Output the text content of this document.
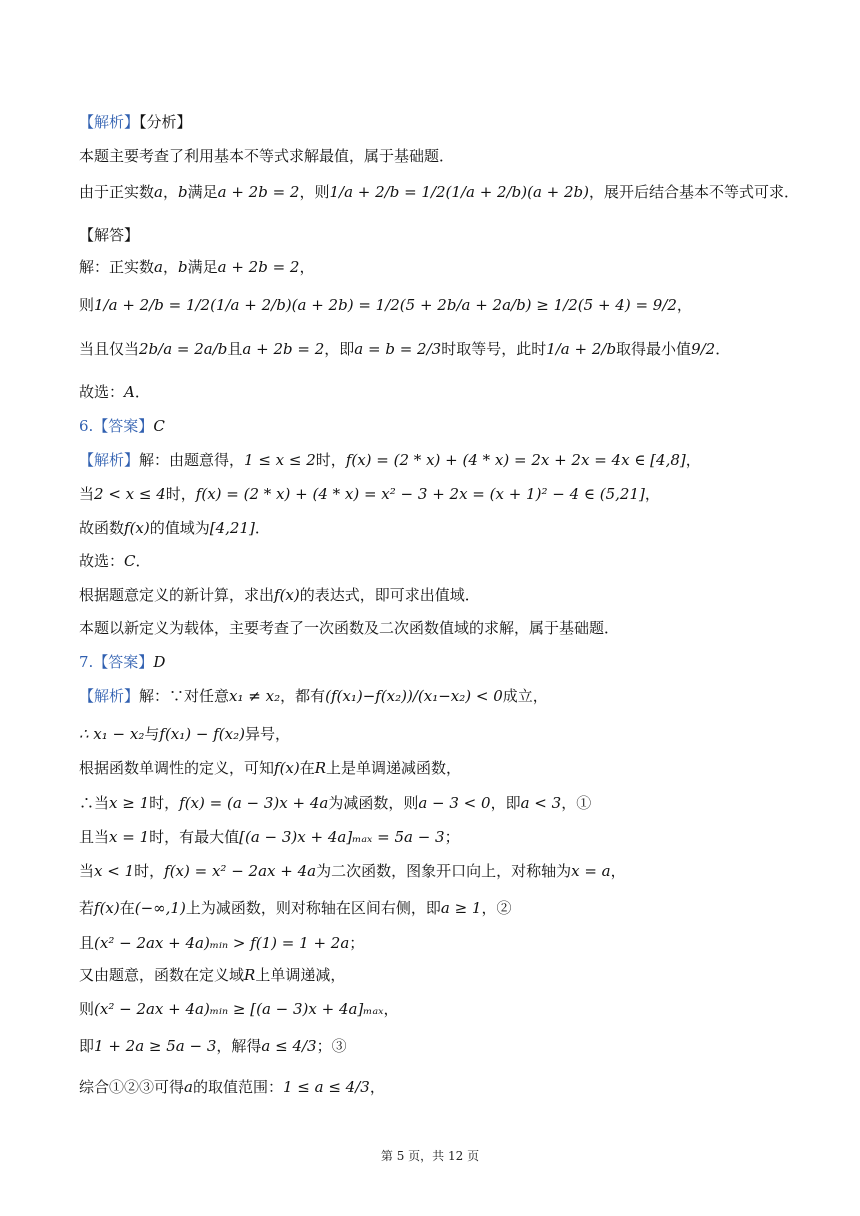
【解析】【分析】
本题主要考查了利用基本不等式求解最值，属于基础题．
由于正实数a，b满足a + 2b = 2，则1/a + 2/b = 1/2(1/a + 2/b)(a + 2b)，展开后结合基本不等式可求．
【解答】
解：正实数a，b满足a + 2b = 2，
则1/a + 2/b = 1/2(1/a + 2/b)(a + 2b) = 1/2(5 + 2b/a + 2a/b) ≥ 1/2(5 + 4) = 9/2，
当且仅当2b/a = 2a/b且a + 2b = 2，即a = b = 2/3时取等号，此时1/a + 2/b取得最小值9/2．
故选：A．
6.【答案】C
【解析】解：由题意得，1 ≤ x ≤ 2时，f(x) = (2 * x) + (4 * x) = 2x + 2x = 4x ∈ [4,8]，
当2 < x ≤ 4时，f(x) = (2 * x) + (4 * x) = x² − 3 + 2x = (x + 1)² − 4 ∈ (5,21]，
故函数f(x)的值域为[4,21]．
故选：C．
根据题意定义的新计算，求出f(x)的表达式，即可求出值域．
本题以新定义为载体，主要考查了一次函数及二次函数值域的求解，属于基础题．
7.【答案】D
【解析】解：∵对任意x₁ ≠ x₂，都有(f(x₁)−f(x₂))/(x₁−x₂) < 0成立，
∴ x₁ − x₂与f(x₁) − f(x₂)异号，
根据函数单调性的定义，可知f(x)在R上是单调递减函数，
∴当x ≥ 1时，f(x) = (a − 3)x + 4a为减函数，则a − 3 < 0，即a < 3，①
且当x = 1时，有最大值[(a − 3)x + 4a]ₘₐₓ = 5a − 3；
当x < 1时，f(x) = x² − 2ax + 4a为二次函数，图象开口向上，对称轴为x = a，
若f(x)在(−∞,1)上为减函数，则对称轴在区间右侧，即a ≥ 1，②
且(x² − 2ax + 4a)ₘᵢₙ > f(1) = 1 + 2a；
又由题意，函数在定义域R上单调递减，
则(x² − 2ax + 4a)ₘᵢₙ ≥ [(a − 3)x + 4a]ₘₐₓ，
即1 + 2a ≥ 5a − 3，解得a ≤ 4/3；③
综合①②③可得a的取值范围：1 ≤ a ≤ 4/3，
第 5 页，共 12 页
